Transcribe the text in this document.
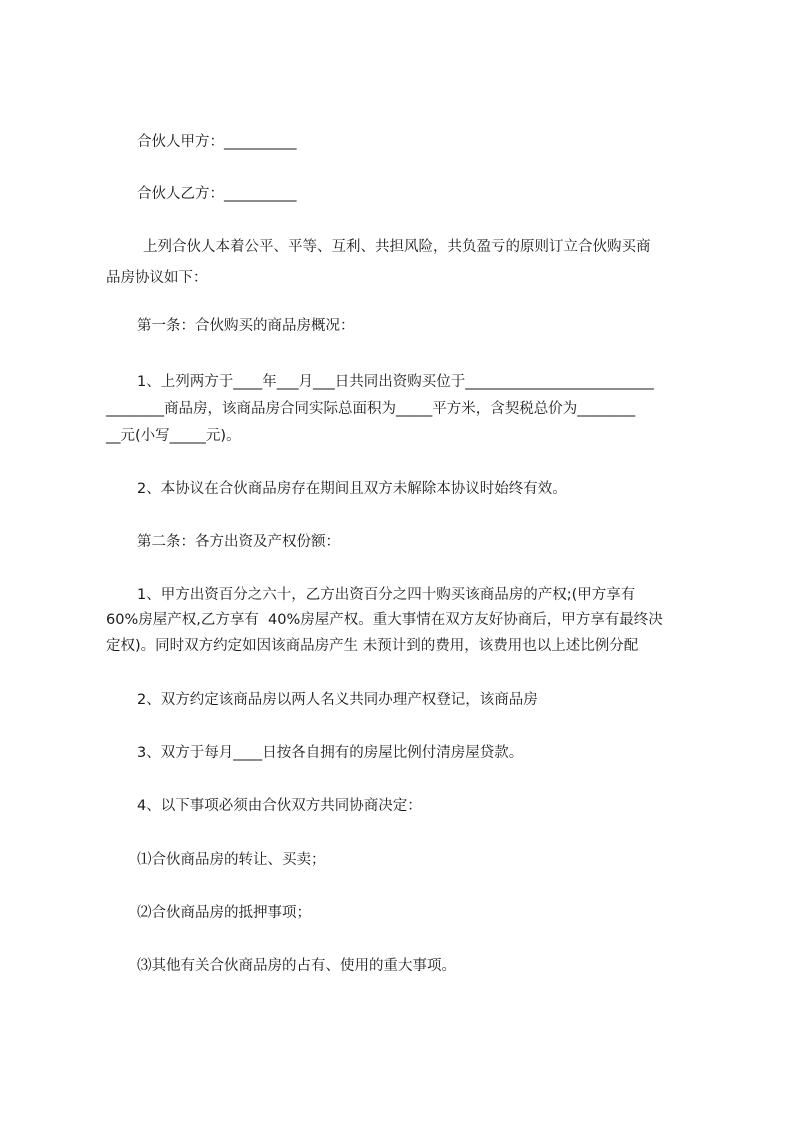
合伙人甲方：__________
合伙人乙方：__________
上列合伙人本着公平、平等、互利、共担风险，共负盈亏的原则订立合伙购买商
品房协议如下：
第一条：合伙购买的商品房概况：
1、上列两方于____年___月___日共同出资购买位于__________________________
________商品房，该商品房合同实际总面积为_____平方米，含契税总价为________
__元(小写_____元)。
2、本协议在合伙商品房存在期间且双方未解除本协议时始终有效。
第二条：各方出资及产权份额：
1、甲方出资百分之六十，乙方出资百分之四十购买该商品房的产权;(甲方享有
60%房屋产权,乙方享有  40%房屋产权。重大事情在双方友好协商后，甲方享有最终决
定权)。同时双方约定如因该商品房产生 未预计到的费用，该费用也以上述比例分配
2、双方约定该商品房以两人名义共同办理产权登记，该商品房
3、双方于每月____日按各自拥有的房屋比例付清房屋贷款。
4、以下事项必须由合伙双方共同协商决定：
⑴合伙商品房的转让、买卖；
⑵合伙商品房的抵押事项；
⑶其他有关合伙商品房的占有、使用的重大事项。
